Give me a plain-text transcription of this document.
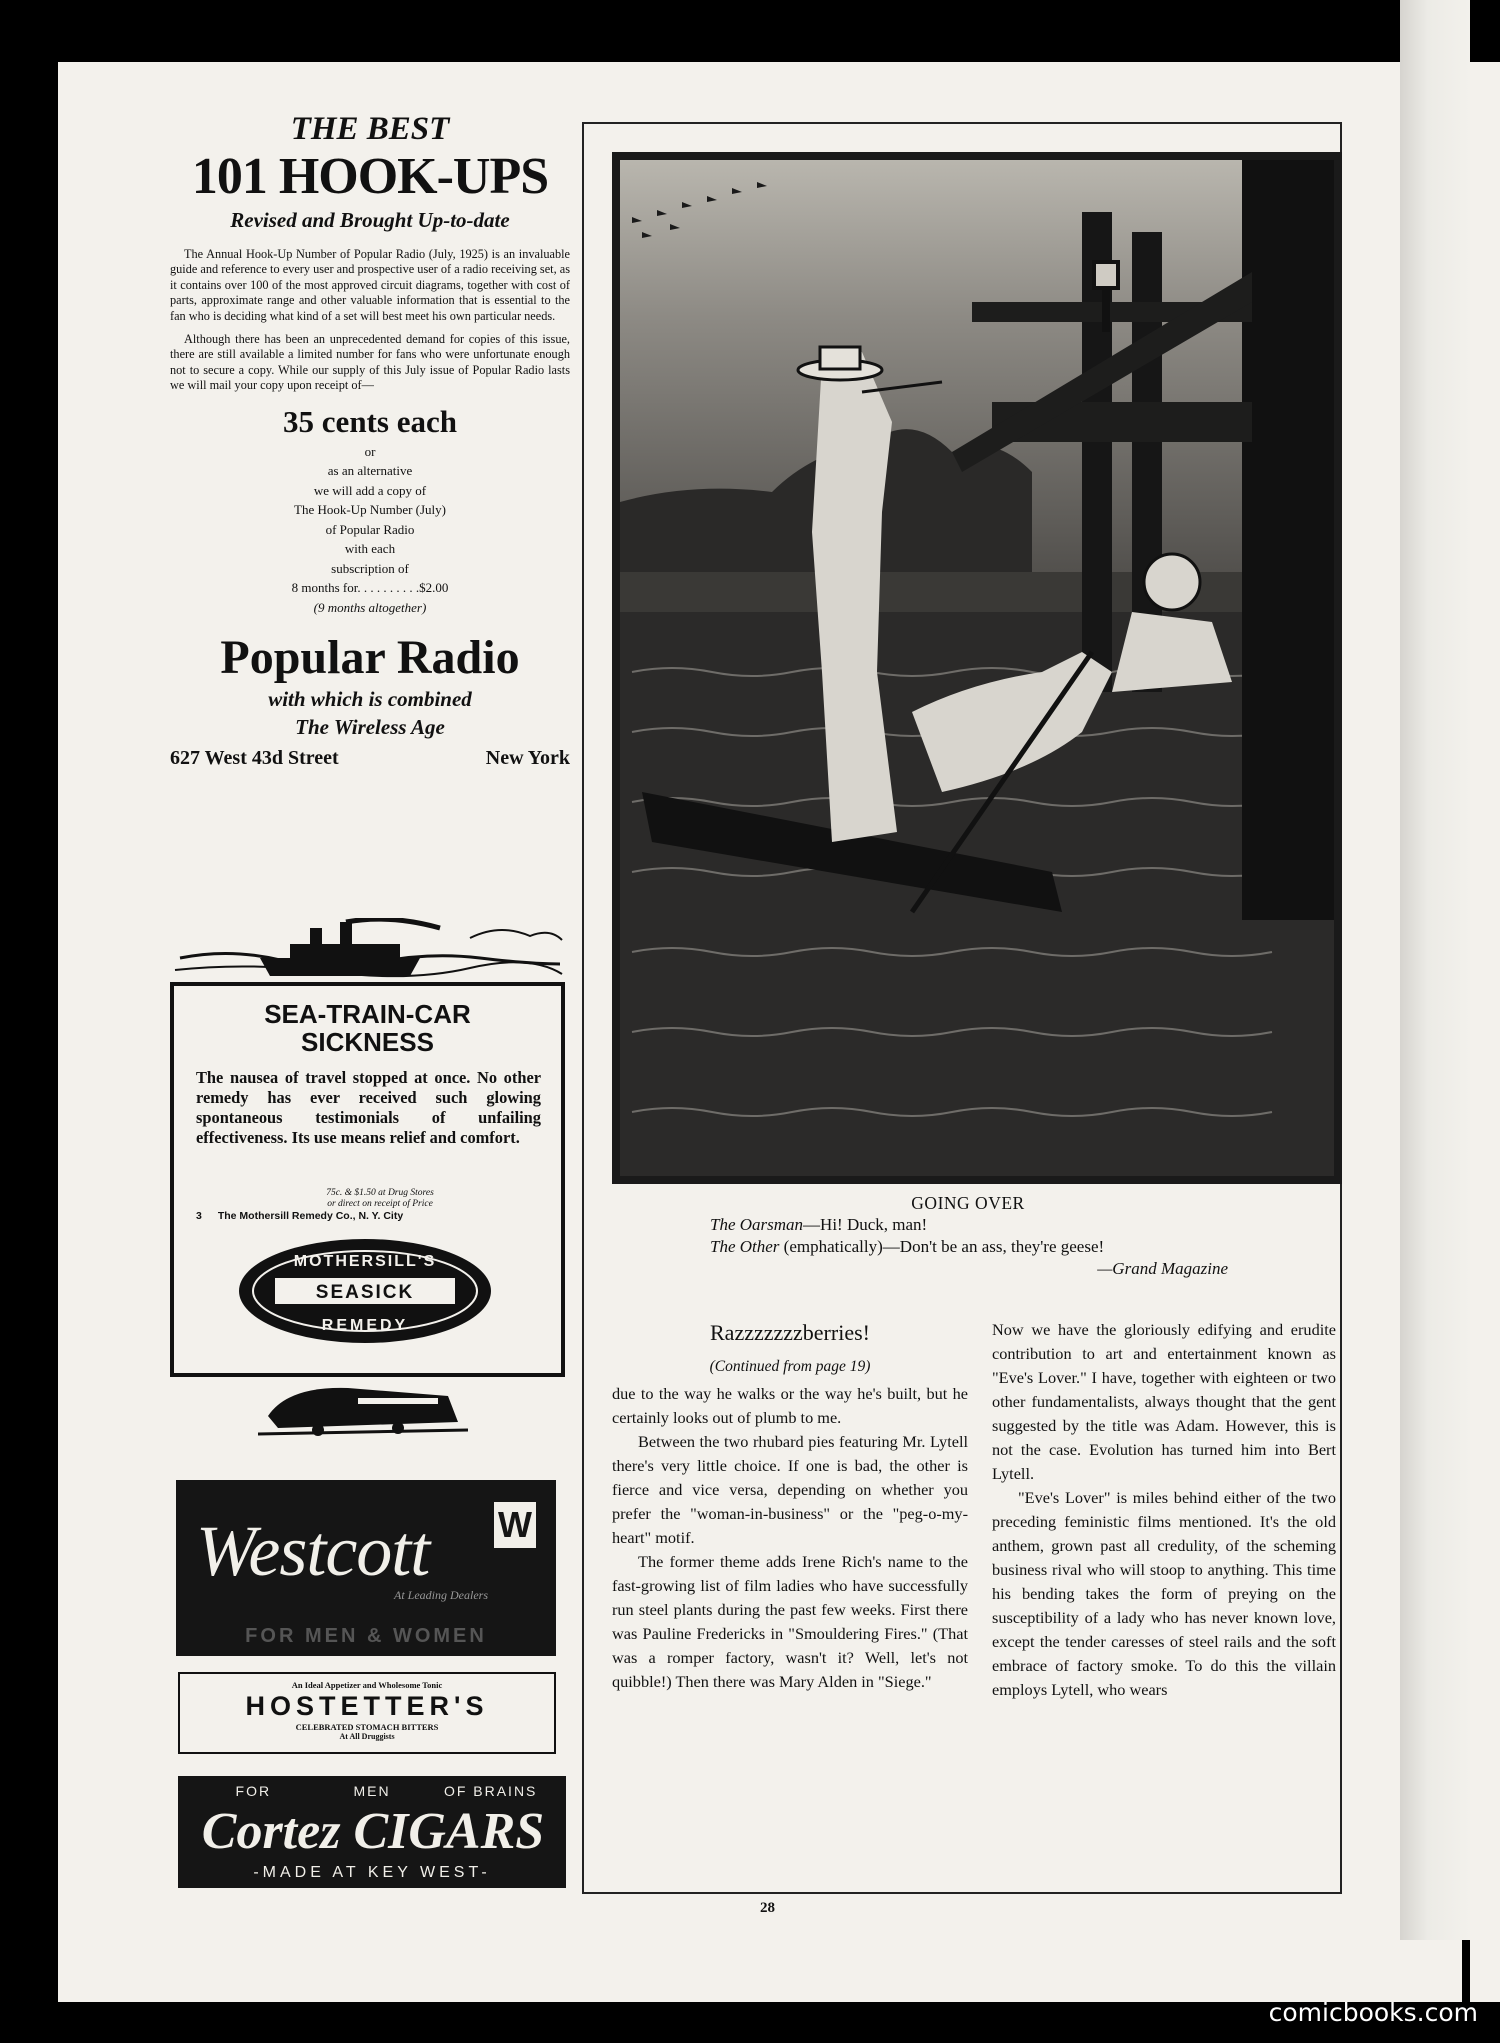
THE BEST
101 HOOK-UPS
Revised and Brought Up-to-date

The Annual Hook-Up Number of Popular Radio (July, 1925) is an invaluable guide and reference to every user and prospective user of a radio receiving set, as it contains over 100 of the most approved circuit diagrams, together with cost of parts, approximate range and other valuable information that is essential to the fan who is deciding what kind of a set will best meet his own particular needs.

Although there has been an unprecedented demand for copies of this issue, there are still available a limited number for fans who were unfortunate enough not to secure a copy. While our supply of this July issue of Popular Radio lasts we will mail your copy upon receipt of—

35 cents each
or
as an alternative
we will add a copy of
The Hook-Up Number (July)
of Popular Radio
with each
subscription of
8 months for. . . . . . . . . .$2.00
(9 months altogether)
Popular Radio
with which is combined
The Wireless Age
627 West 43d Street	New York
SEA-TRAIN-CAR
SICKNESS
The nausea of travel stopped at once. No other remedy has ever received such glowing spontaneous testimonials of unfailing effectiveness. Its use means relief and comfort.
75c. & $1.50 at Drug Stores
or direct on receipt of Price
3 The Mothersill Remedy Co., N. Y. City
MOTHERSILL'S
SEASICK
REMEDY
Westcott W
At Leading Dealers
FOR MEN & WOMEN
An Ideal Appetizer and Wholesome Tonic
HOSTETTER'S
CELEBRATED STOMACH BITTERS
At All Druggists
FOR	MEN	OF BRAINS
Cortez CIGARS
-MADE AT KEY WEST-
GOING OVER
The Oarsman—Hi! Duck, man!
The Other (emphatically)—Don't be an ass, they're geese!
—Grand Magazine
Razzzzzzzberries!
(Continued from page 19)

due to the way he walks or the way he's built, but he certainly looks out of plumb to me.

Between the two rhubard pies featuring Mr. Lytell there's very little choice. If one is bad, the other is fierce and vice versa, depending on whether you prefer the "woman-in-business" or the "peg-o-my-heart" motif.

The former theme adds Irene Rich's name to the fast-growing list of film ladies who have successfully run steel plants during the past few weeks. First there was Pauline Fredericks in "Smouldering Fires." (That was a romper factory, wasn't it? Well, let's not quibble!) Then there was Mary Alden in "Siege."

Now we have the gloriously edifying and erudite contribution to art and entertainment known as "Eve's Lover." I have, together with eighteen or two other fundamentalists, always thought that the gent suggested by the title was Adam. However, this is not the case. Evolution has turned him into Bert Lytell.

"Eve's Lover" is miles behind either of the two preceding feministic films mentioned. It's the old anthem, grown past all credulity, of the scheming business rival who will stoop to anything. This time his bending takes the form of preying on the susceptibility of a lady who has never known love, except the tender caresses of steel rails and the soft embrace of factory smoke. To do this the villain employs Lytell, who wears

28
comicbooks.com
